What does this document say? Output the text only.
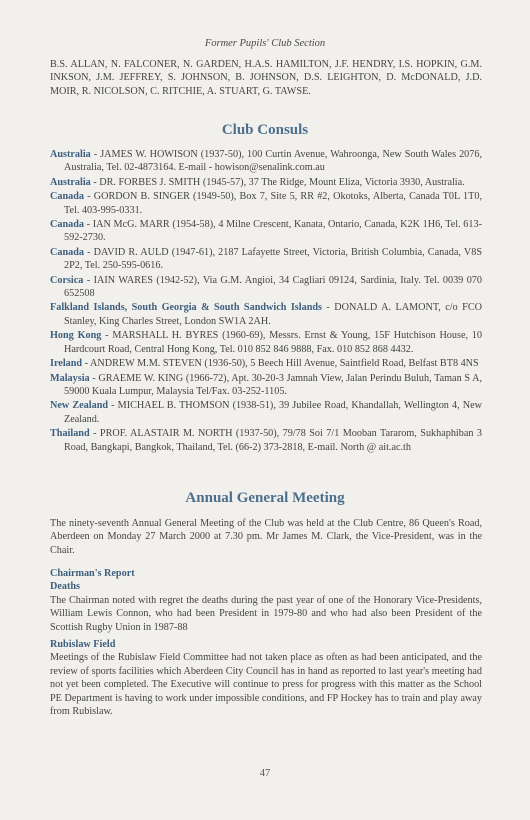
Former Pupils' Club Section
B.S. ALLAN, N. FALCONER, N. GARDEN, H.A.S. HAMILTON, J.F. HENDRY, I.S. HOPKIN, G.M. INKSON, J.M. JEFFREY, S. JOHNSON, B. JOHNSON, D.S. LEIGHTON, D. McDONALD, J.D. MOIR, R. NICOLSON, C. RITCHIE, A. STUART, G. TAWSE.
Club Consuls

Australia - JAMES W. HOWISON (1937-50), 100 Curtin Avenue, Wahroonga, New South Wales 2076, Australia, Tel. 02-4873164. E-mail - howison@senalink.com.au

Australia - DR. FORBES J. SMITH (1945-57), 37 The Ridge, Mount Eliza, Victoria 3930, Australia.

Canada - GORDON B. SINGER (1949-50), Box 7, Site 5, RR #2, Okotoks, Alberta, Canada T0L 1T0, Tel. 403-995-0331.

Canada - IAN McG. MARR (1954-58), 4 Milne Crescent, Kanata, Ontario, Canada, K2K 1H6, Tel. 613-592-2730.

Canada - DAVID R. AULD (1947-61), 2187 Lafayette Street, Victoria, British Columbia, Canada, V8S 2P2, Tel. 250-595-0616.

Corsica - IAIN WARES (1942-52), Via G.M. Angioi, 34 Cagliari 09124, Sardinia, Italy. Tel. 0039 070 652508

Falkland Islands, South Georgia & South Sandwich Islands - DONALD A. LAMONT, c/o FCO Stanley, King Charles Street, London SW1A 2AH.

Hong Kong - MARSHALL H. BYRES (1960-69), Messrs. Ernst & Young, 15F Hutchison House, 10 Hardcourt Road, Central Hong Kong, Tel. 010 852 846 9888, Fax. 010 852 868 4432.

Ireland - ANDREW M.M. STEVEN (1936-50), 5 Beech Hill Avenue, Saintfield Road, Belfast BT8 4NS

Malaysia - GRAEME W. KING (1966-72), Apt. 30-20-3 Jamnah View, Jalan Perindu Buluh, Taman S A, 59000 Kuala Lumpur, Malaysia Tel/Fax. 03-252-1105.

New Zealand - MICHAEL B. THOMSON (1938-51), 39 Jubilee Road, Khandallah, Wellington 4, New Zealand.

Thailand - PROF. ALASTAIR M. NORTH (1937-50), 79/78 Soi 7/1 Mooban Tararom, Sukhaphiban 3 Road, Bangkapi, Bangkok, Thailand, Tel. (66-2) 373-2818, E-mail. North @ ait.ac.th

Annual General Meeting
The ninety-seventh Annual General Meeting of the Club was held at the Club Centre, 86 Queen's Road, Aberdeen on Monday 27 March 2000 at 7.30 pm. Mr James M. Clark, the Vice-President, was in the Chair.
Chairman's Report
Deaths

The Chairman noted with regret the deaths during the past year of one of the Honorary Vice-Presidents, William Lewis Connon, who had been President in 1979-80 and who had also been President of the Scottish Rugby Union in 1987-88

Rubislaw Field

Meetings of the Rubislaw Field Committee had not taken place as often as had been anticipated, and the review of sports facilities which Aberdeen City Council has in hand as reported to last year's meeting had not yet been completed. The Executive will continue to press for progress with this matter as the School PE Department is having to work under impossible conditions, and FP Hockey has to train and play away from Rubislaw.

47
